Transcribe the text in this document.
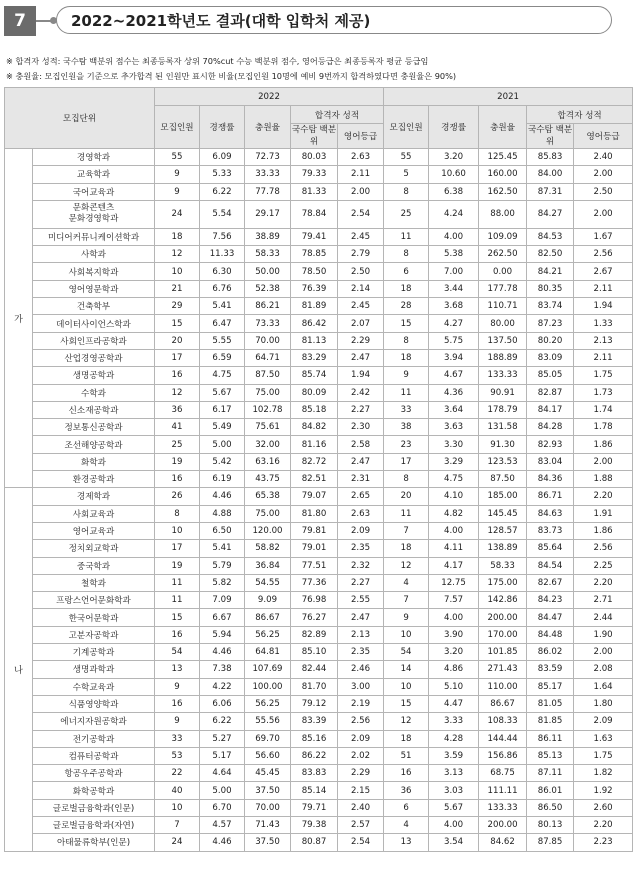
7	2022~2021학년도 결과(대학 입학처 제공)
※ 합격자 성적: 국수탐 백분위 점수는 최종등록자 상위 70%cut 수능 백분위 점수, 영어등급은 최종등록자 평균 등급임
※ 충원율: 모집인원을 기준으로 추가합격 된 인원만 표시한 비율(모집인원 10명에 예비 9번까지 합격하였다면 충원율은 90%)
모집단위		2022					2021				
		모집인원	경쟁률	충원율	합격자 성적		모집인원	경쟁률	충원율	합격자 성적	
					국수탐 백분위	영어등급				국수탐 백분위	영어등급
가	경영학과	55	6.09	72.73	80.03	2.63	55	3.20	125.45	85.83	2.40
	교육학과	9	5.33	33.33	79.33	2.11	5	10.60	160.00	84.00	2.00
	국어교육과	9	6.22	77.78	81.33	2.00	8	6.38	162.50	87.31	2.50
	문화콘텐츠
문화경영학과	24	5.54	29.17	78.84	2.54	25	4.24	88.00	84.27	2.00
	미디어커뮤니케이션학과	18	7.56	38.89	79.41	2.45	11	4.00	109.09	84.53	1.67
	사학과	12	11.33	58.33	78.85	2.79	8	5.38	262.50	82.50	2.56
	사회복지학과	10	6.30	50.00	78.50	2.50	6	7.00	0.00	84.21	2.67
	영어영문학과	21	6.76	52.38	76.39	2.14	18	3.44	177.78	80.35	2.11
	건축학부	29	5.41	86.21	81.89	2.45	28	3.68	110.71	83.74	1.94
	데이터사이언스학과	15	6.47	73.33	86.42	2.07	15	4.27	80.00	87.23	1.33
	사회인프라공학과	20	5.55	70.00	81.13	2.29	8	5.75	137.50	80.20	2.13
	산업경영공학과	17	6.59	64.71	83.29	2.47	18	3.94	188.89	83.09	2.11
	생명공학과	16	4.75	87.50	85.74	1.94	9	4.67	133.33	85.05	1.75
	수학과	12	5.67	75.00	80.09	2.42	11	4.36	90.91	82.87	1.73
	신소재공학과	36	6.17	102.78	85.18	2.27	33	3.64	178.79	84.17	1.74
	정보통신공학과	41	5.49	75.61	84.82	2.30	38	3.63	131.58	84.28	1.78
	조선해양공학과	25	5.00	32.00	81.16	2.58	23	3.30	91.30	82.93	1.86
	화학과	19	5.42	63.16	82.72	2.47	17	3.29	123.53	83.04	2.00
	환경공학과	16	6.19	43.75	82.51	2.31	8	4.75	87.50	84.36	1.88
나	경제학과	26	4.46	65.38	79.07	2.65	20	4.10	185.00	86.71	2.20
	사회교육과	8	4.88	75.00	81.80	2.63	11	4.82	145.45	84.63	1.91
	영어교육과	10	6.50	120.00	79.81	2.09	7	4.00	128.57	83.73	1.86
	정치외교학과	17	5.41	58.82	79.01	2.35	18	4.11	138.89	85.64	2.56
	중국학과	19	5.79	36.84	77.51	2.32	12	4.17	58.33	84.54	2.25
	철학과	11	5.82	54.55	77.36	2.27	4	12.75	175.00	82.67	2.20
	프랑스언어문화학과	11	7.09	9.09	76.98	2.55	7	7.57	142.86	84.23	2.71
	한국어문학과	15	6.67	86.67	76.27	2.47	9	4.00	200.00	84.47	2.44
	고분자공학과	16	5.94	56.25	82.89	2.13	10	3.90	170.00	84.48	1.90
	기계공학과	54	4.46	64.81	85.10	2.35	54	3.20	101.85	86.02	2.00
	생명과학과	13	7.38	107.69	82.44	2.46	14	4.86	271.43	83.59	2.08
	수학교육과	9	4.22	100.00	81.70	3.00	10	5.10	110.00	85.17	1.64
	식품영양학과	16	6.06	56.25	79.12	2.19	15	4.47	86.67	81.05	1.80
	에너지자원공학과	9	6.22	55.56	83.39	2.56	12	3.33	108.33	81.85	2.09
	전기공학과	33	5.27	69.70	85.16	2.09	18	4.28	144.44	86.11	1.63
	컴퓨터공학과	53	5.17	56.60	86.22	2.02	51	3.59	156.86	85.13	1.75
	항공우주공학과	22	4.64	45.45	83.83	2.29	16	3.13	68.75	87.11	1.82
	화학공학과	40	5.00	37.50	85.14	2.15	36	3.03	111.11	86.01	1.92
	글로벌금융학과(인문)	10	6.70	70.00	79.71	2.40	6	5.67	133.33	86.50	2.60
	글로벌금융학과(자연)	7	4.57	71.43	79.38	2.57	4	4.00	200.00	80.13	2.20
	아태물류학부(인문)	24	4.46	37.50	80.87	2.54	13	3.54	84.62	87.85	2.23
